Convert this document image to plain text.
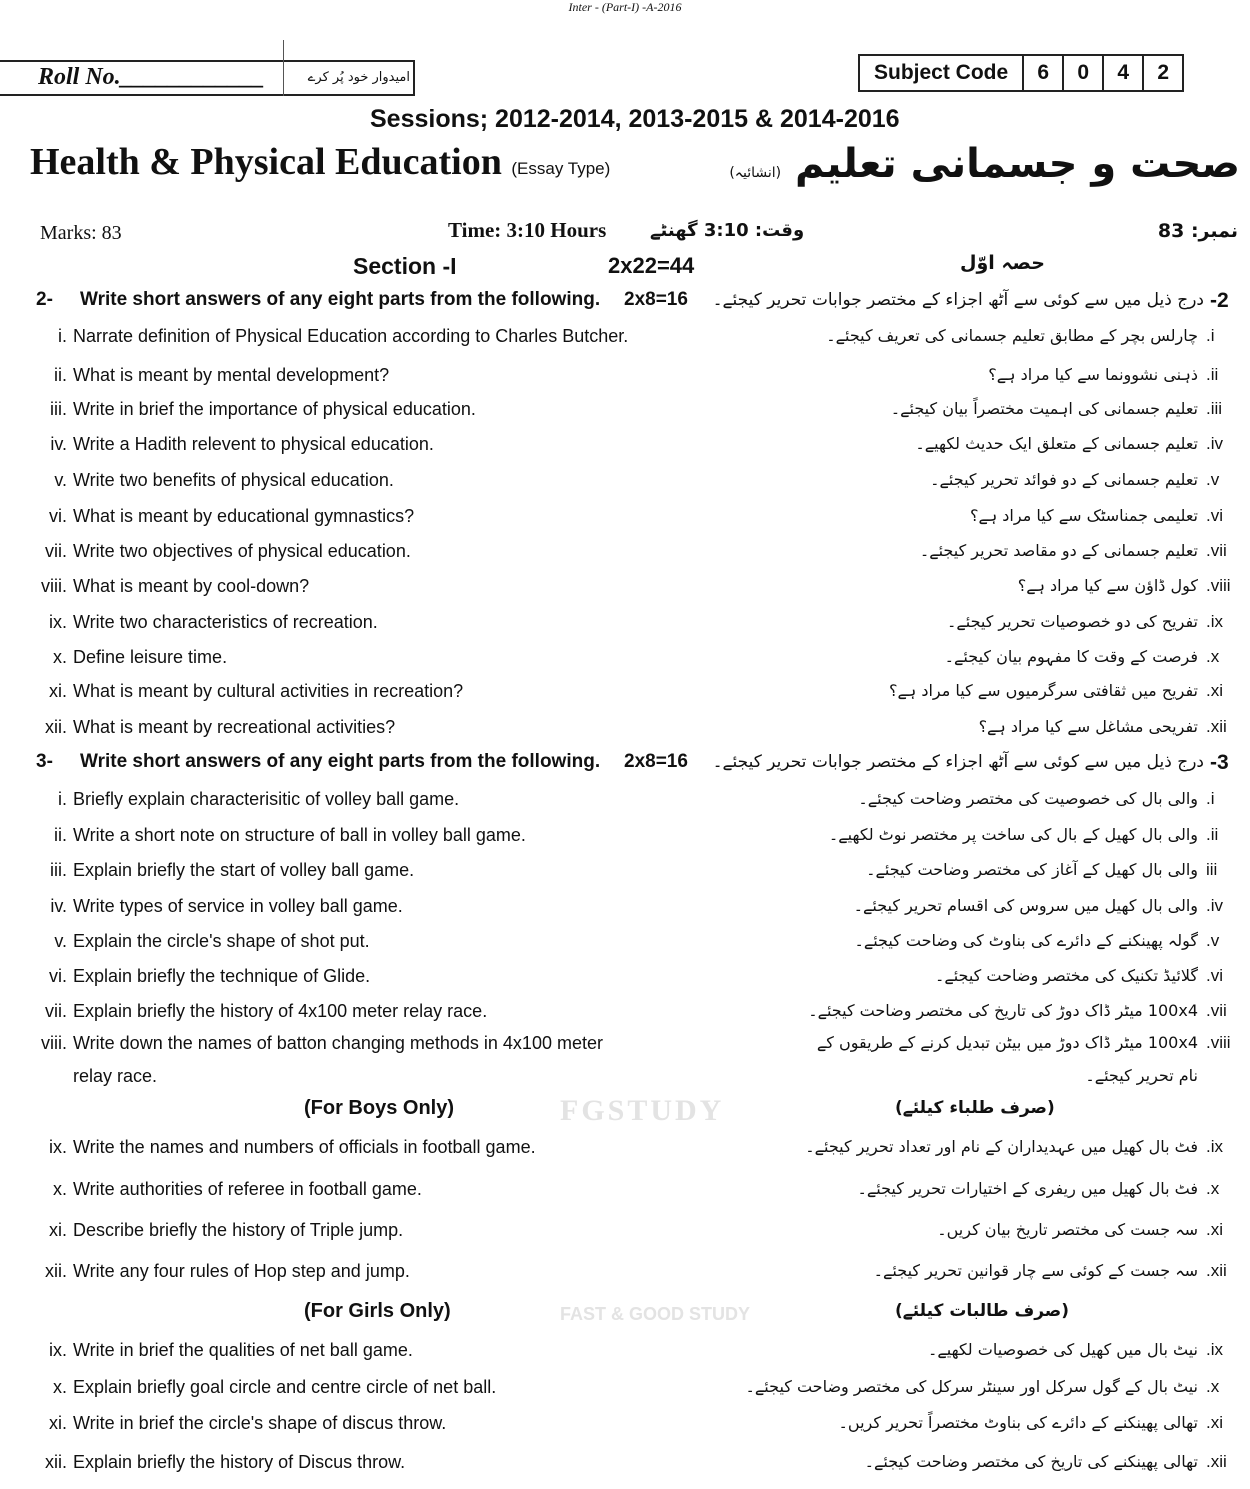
Inter - (Part-I) -A-2016
Roll No.____________	امیدوار خود پُر کرے	Subject Code	6	0	4	2
Sessions; 2012-2014, 2013-2015 & 2014-2016
Health & Physical Education (Essay Type)	صحت و جسمانی تعلیم (انشائیہ)
Marks: 83	Time: 3:10 Hours وقت: 3:10 گھنٹے	نمبر: 83
Section -I	2x22=44	حصہ اوّل
FGSTUDY
FAST & GOOD STUDY
2- Write short answers of any eight parts from the following. 2x8=16	-2
درج ذیل میں سے کوئی سے آٹھ اجزاء کے مختصر جوابات تحریر کیجئے۔
i. Narrate definition of Physical Education according to Charles Butcher.	.i
چارلس بچر کے مطابق تعلیم جسمانی کی تعریف کیجئے۔
ii. What is meant by mental development?	.ii
ذہنی نشوونما سے کیا مراد ہے؟
iii. Write in brief the importance of physical education.	.iii
تعلیم جسمانی کی اہمیت مختصراً بیان کیجئے۔
iv. Write a Hadith relevent to physical education.	.iv
تعلیم جسمانی کے متعلق ایک حدیث لکھیے۔
v. Write two benefits of physical education.	.v
تعلیم جسمانی کے دو فوائد تحریر کیجئے۔
vi. What is meant by educational gymnastics?	.vi
تعلیمی جمناسٹک سے کیا مراد ہے؟
vii. Write two objectives of physical education.	.vii
تعلیم جسمانی کے دو مقاصد تحریر کیجئے۔
viii. What is meant by cool-down?	.viii
کول ڈاؤن سے کیا مراد ہے؟
ix. Write two characteristics of recreation.	.ix
تفریح کی دو خصوصیات تحریر کیجئے۔
x. Define leisure time.	.x
فرصت کے وقت کا مفہوم بیان کیجئے۔
xi. What is meant by cultural activities in recreation?	.xi
تفریح میں ثقافتی سرگرمیوں سے کیا مراد ہے؟
xii. What is meant by recreational activities?	.xii
تفریحی مشاغل سے کیا مراد ہے؟
3- Write short answers of any eight parts from the following. 2x8=16	-3
درج ذیل میں سے کوئی سے آٹھ اجزاء کے مختصر جوابات تحریر کیجئے۔
i. Briefly explain characterisitic of volley ball game.	.i
والی بال کی خصوصیت کی مختصر وضاحت کیجئے۔
ii. Write a short note on structure of ball in volley ball game.	.ii
والی بال کھیل کے بال کی ساخت پر مختصر نوٹ لکھیے۔
iii. Explain briefly the start of volley ball game.	iii
والی بال کھیل کے آغاز کی مختصر وضاحت کیجئے۔
iv. Write types of service in volley ball game.	.iv
والی بال کھیل میں سروس کی اقسام تحریر کیجئے۔
v. Explain the circle's shape of shot put.	.v
گولہ پھینکنے کے دائرے کی بناوٹ کی وضاحت کیجئے۔
vi. Explain briefly the technique of Glide.	.vi
گلائیڈ تکنیک کی مختصر وضاحت کیجئے۔
vii. Explain briefly the history of 4x100 meter relay race.	.vii
100x4 میٹر ڈاک دوڑ کی تاریخ کی مختصر وضاحت کیجئے۔
viii. Write down the names of batton changing methods in 4x100 meter	.viii
100x4 میٹر ڈاک دوڑ میں بیٹن تبدیل کرنے کے طریقوں کے
relay race.	نام تحریر کیجئے۔
(For Boys Only)	(صرف طلباء کیلئے)
ix. Write the names and numbers of officials in football game.	.ix
فٹ بال کھیل میں عہدیداران کے نام اور تعداد تحریر کیجئے۔
x. Write authorities of referee in football game.	.x
فٹ بال کھیل میں ریفری کے اختیارات تحریر کیجئے۔
xi. Describe briefly the history of Triple jump.	.xi
سہ جست کی مختصر تاریخ بیان کریں۔
xii. Write any four rules of Hop step and jump.	.xii
سہ جست کے کوئی سے چار قوانین تحریر کیجئے۔
(For Girls Only)	(صرف طالبات کیلئے)
ix. Write in brief the qualities of net ball game.	.ix
نیٹ بال میں کھیل کی خصوصیات لکھیے۔
x. Explain briefly goal circle and centre circle of net ball.	.x
نیٹ بال کے گول سرکل اور سینٹر سرکل کی مختصر وضاحت کیجئے۔
xi. Write in brief the circle's shape of discus throw.	.xi
تھالی پھینکنے کے دائرے کی بناوٹ مختصراً تحریر کریں۔
xii. Explain briefly the history of Discus throw.	.xii
تھالی پھینکنے کی تاریخ کی مختصر وضاحت کیجئے۔
